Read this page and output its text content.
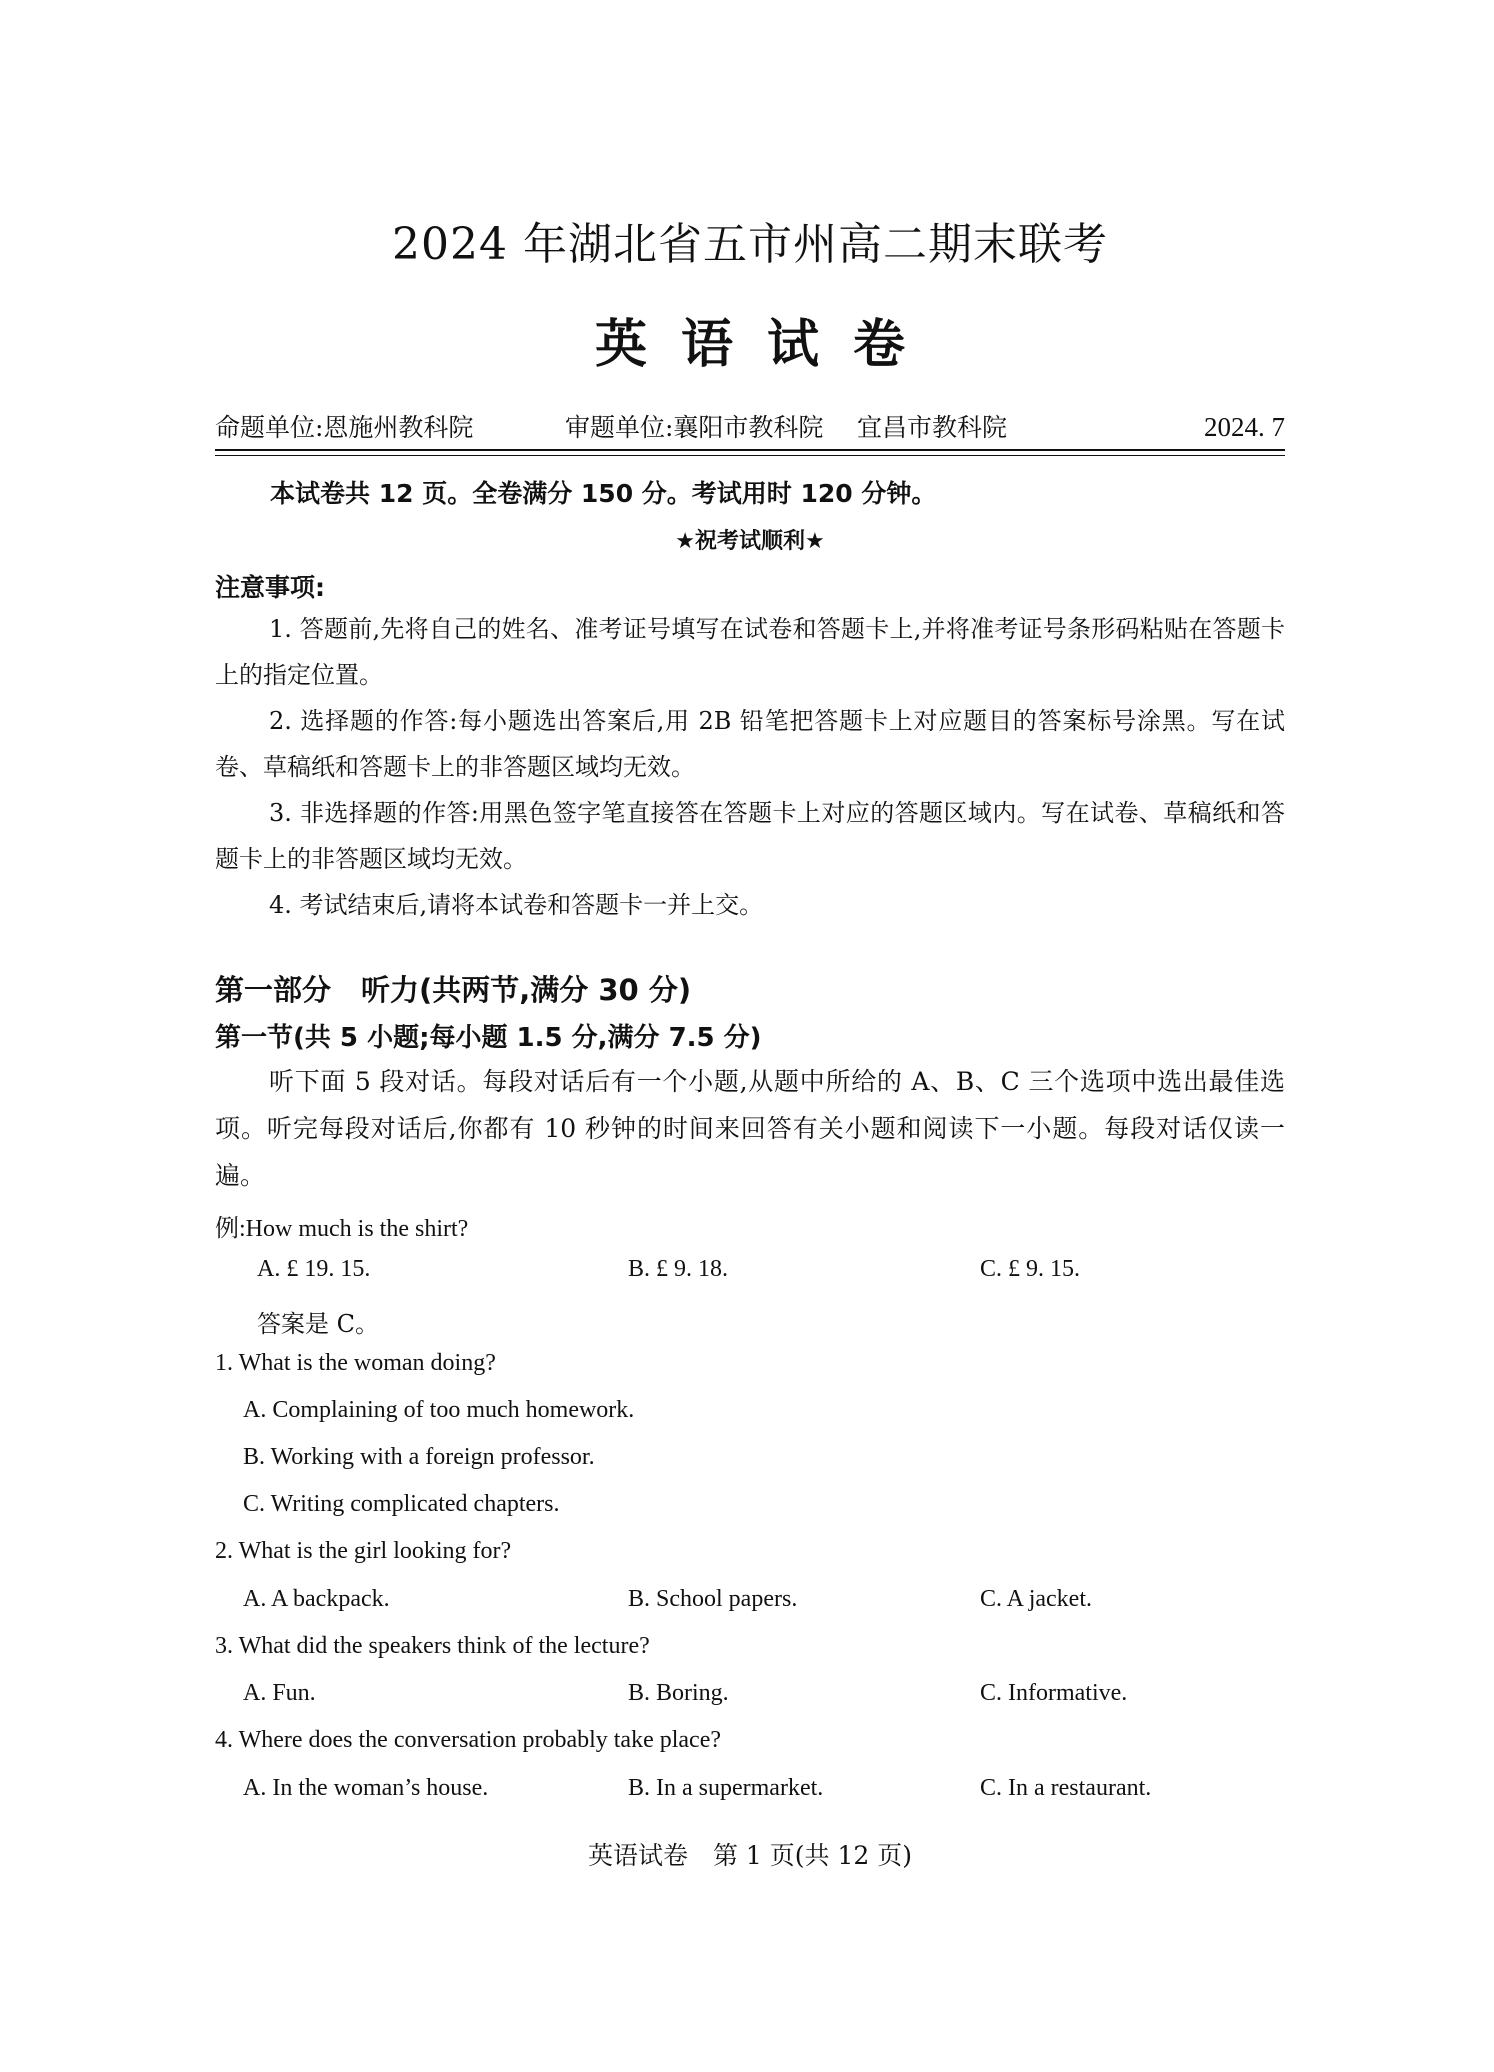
2024 年湖北省五市州高二期末联考
英语试卷
命题单位:恩施州教科院	审题单位:襄阳市教科院	宜昌市教科院	2024. 7
本试卷共 12 页。全卷满分 150 分。考试用时 120 分钟。
★祝考试顺利★
注意事项:

1. 答题前,先将自己的姓名、准考证号填写在试卷和答题卡上,并将准考证号条形码粘贴在答题卡上的指定位置。

2. 选择题的作答:每小题选出答案后,用 2B 铅笔把答题卡上对应题目的答案标号涂黑。写在试卷、草稿纸和答题卡上的非答题区域均无效。

3. 非选择题的作答:用黑色签字笔直接答在答题卡上对应的答题区域内。写在试卷、草稿纸和答题卡上的非答题区域均无效。

4. 考试结束后,请将本试卷和答题卡一并上交。

第一部分 听力(共两节,满分 30 分)
第一节(共 5 小题;每小题 1.5 分,满分 7.5 分)
听下面 5 段对话。每段对话后有一个小题,从题中所给的 A、B、C 三个选项中选出最佳选项。听完每段对话后,你都有 10 秒钟的时间来回答有关小题和阅读下一小题。每段对话仅读一遍。
例:How much is the shirt?
A. £ 19. 15.	B. £ 9. 18.	C. £ 9. 15.
答案是 C。
1. What is the woman doing?
A. Complaining of too much homework.
B. Working with a foreign professor.
C. Writing complicated chapters.
2. What is the girl looking for?
A. A backpack.	B. School papers.	C. A jacket.
3. What did the speakers think of the lecture?
A. Fun.	B. Boring.	C. Informative.
4. Where does the conversation probably take place?
A. In the woman’s house.	B. In a supermarket.	C. In a restaurant.
英语试卷　第 1 页(共 12 页)
